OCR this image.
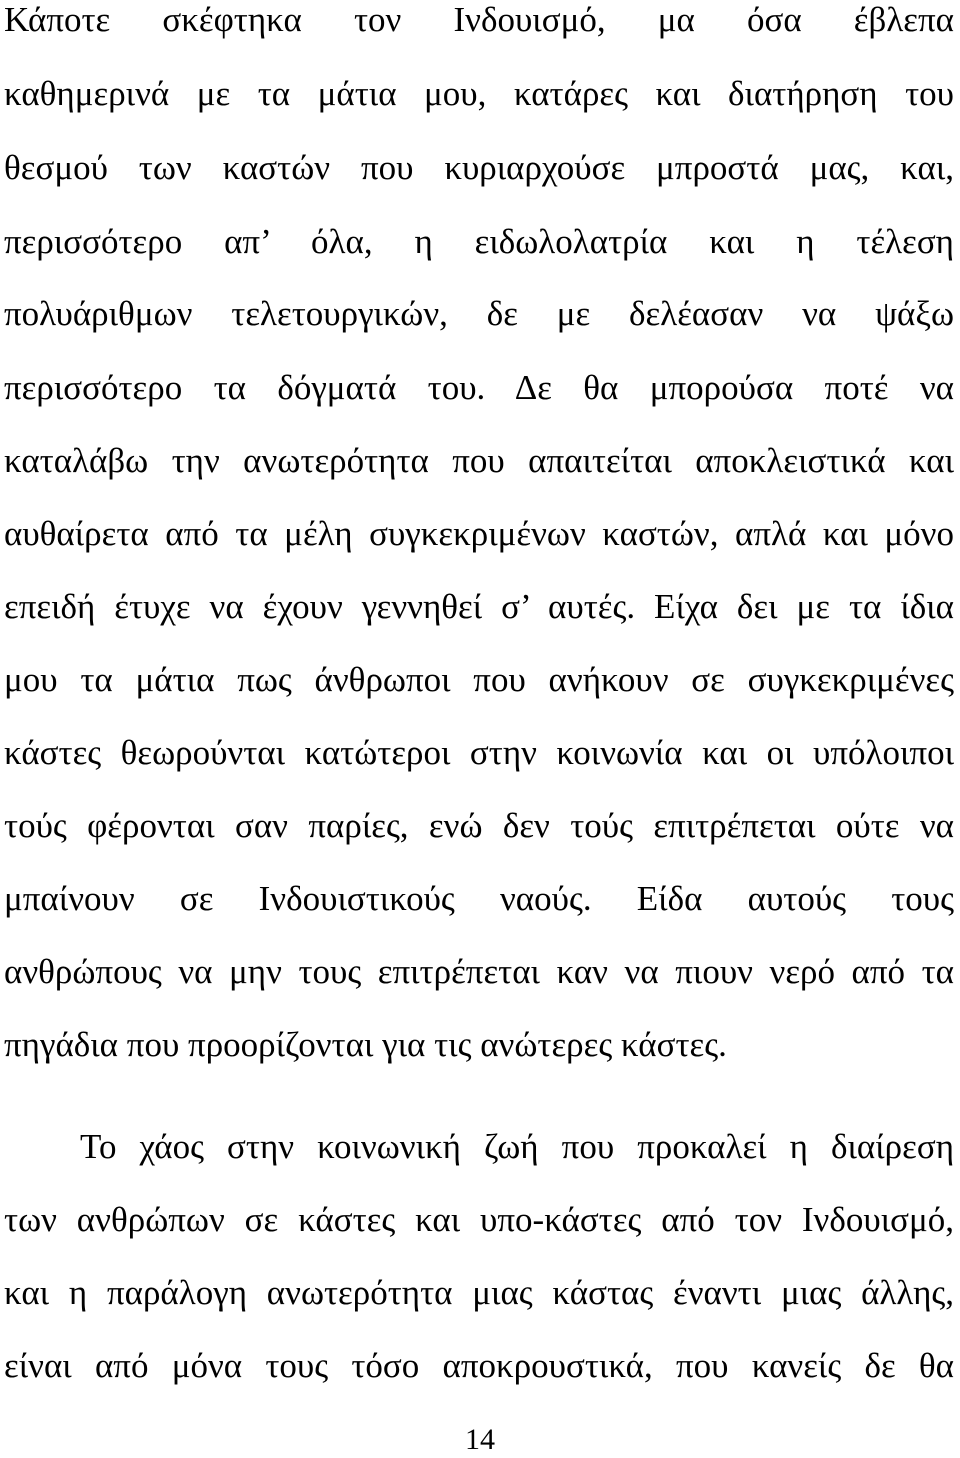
Κάποτε σκέφτηκα τον Ινδουισμό, μα όσα έβλεπα
καθημερινά με τα μάτια μου, κατάρες και διατήρηση του
θεσμού των καστών που κυριαρχούσε μπροστά μας, και,
περισσότερο απ’ όλα, η ειδωλολατρία και η τέλεση
πολυάριθμων τελετουργικών, δε με δελέασαν να ψάξω
περισσότερο τα δόγματά του. Δε θα μπορούσα ποτέ να
καταλάβω την ανωτερότητα που απαιτείται αποκλειστικά και
αυθαίρετα από τα μέλη συγκεκριμένων καστών, απλά και μόνο
επειδή έτυχε να έχουν γεννηθεί σ’ αυτές. Είχα δει με τα ίδια
μου τα μάτια πως άνθρωποι που ανήκουν σε συγκεκριμένες
κάστες θεωρούνται κατώτεροι στην κοινωνία και οι υπόλοιποι
τούς φέρονται σαν παρίες, ενώ δεν τούς επιτρέπεται ούτε να
μπαίνουν σε Ινδουιστικούς ναούς. Είδα αυτούς τους
ανθρώπους να μην τους επιτρέπεται καν να πιουν νερό από τα
πηγάδια που προορίζονται για τις ανώτερες κάστες.
Το χάος στην κοινωνική ζωή που προκαλεί η διαίρεση
των ανθρώπων σε κάστες και υπο-κάστες από τον Ινδουισμό,
και η παράλογη ανωτερότητα μιας κάστας έναντι μιας άλλης,
είναι από μόνα τους τόσο αποκρουστικά, που κανείς δε θα
14
